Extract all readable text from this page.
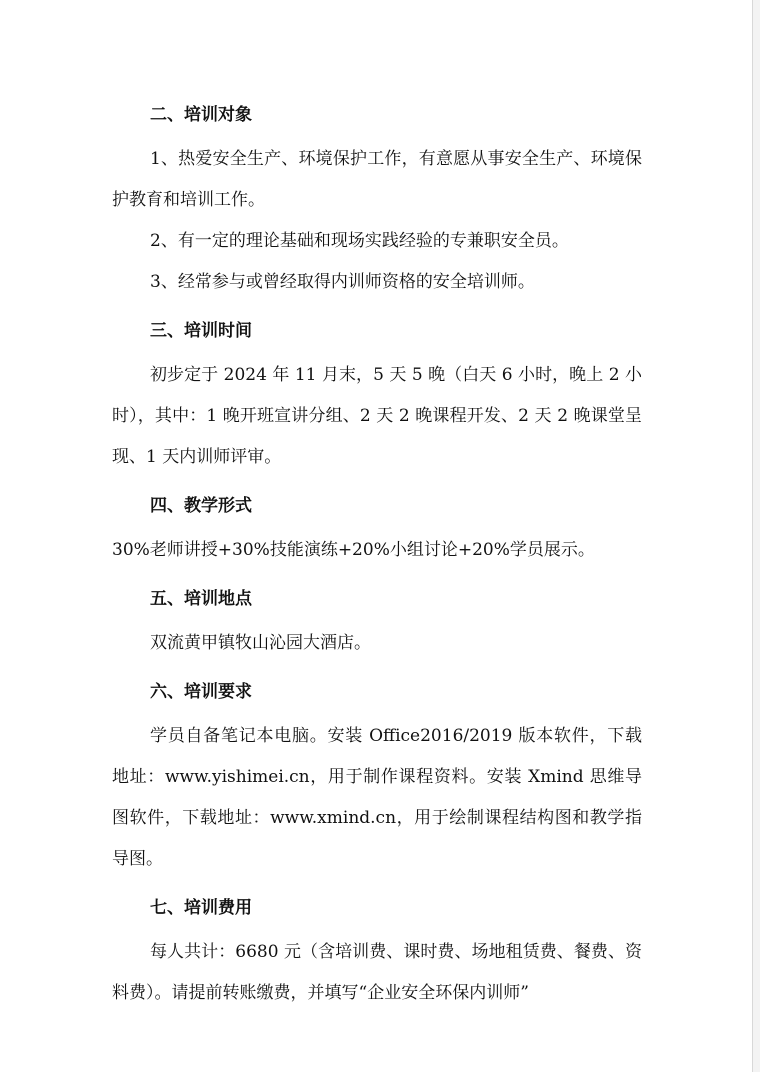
二、培训对象

1、热爱安全生产、环境保护工作，有意愿从事安全生产、环境保护教育和培训工作。

2、有一定的理论基础和现场实践经验的专兼职安全员。

3、经常参与或曾经取得内训师资格的安全培训师。

三、培训时间

初步定于 2024 年 11 月末，5 天 5 晚（白天 6 小时，晚上 2 小时），其中：1 晚开班宣讲分组、2 天 2 晚课程开发、2 天 2 晚课堂呈现、1 天内训师评审。

四、教学形式

30%老师讲授+30%技能演练+20%小组讨论+20%学员展示。

五、培训地点

双流黄甲镇牧山沁园大酒店。

六、培训要求

学员自备笔记本电脑。安装 Office2016/2019 版本软件，下载地址：www.yishimei.cn，用于制作课程资料。安装 Xmind 思维导图软件，下载地址：www.xmind.cn，用于绘制课程结构图和教学指导图。

七、培训费用

每人共计：6680 元（含培训费、课时费、场地租赁费、餐费、资料费）。请提前转账缴费，并填写“企业安全环保内训师”
